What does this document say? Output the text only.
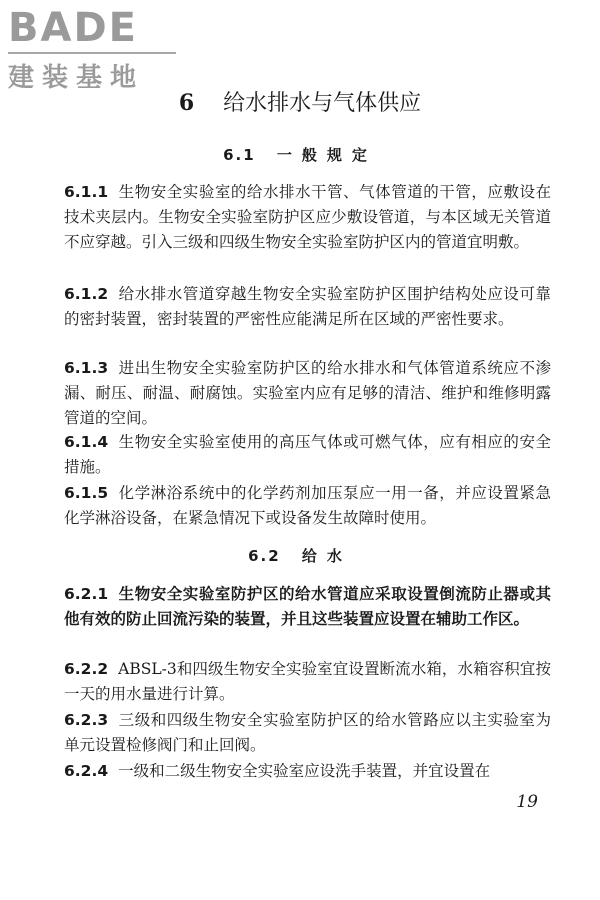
BADE
建装基地
6 给水排水与气体供应
6.1 一般规定
6.1.1 生物安全实验室的给水排水干管、气体管道的干管，应敷设在技术夹层内。生物安全实验室防护区应少敷设管道，与本区域无关管道不应穿越。引入三级和四级生物安全实验室防护区内的管道宜明敷。
6.1.2 给水排水管道穿越生物安全实验室防护区围护结构处应设可靠的密封装置，密封装置的严密性应能满足所在区域的严密性要求。
6.1.3 进出生物安全实验室防护区的给水排水和气体管道系统应不渗漏、耐压、耐温、耐腐蚀。实验室内应有足够的清洁、维护和维修明露管道的空间。
6.1.4 生物安全实验室使用的高压气体或可燃气体，应有相应的安全措施。
6.1.5 化学淋浴系统中的化学药剂加压泵应一用一备，并应设置紧急化学淋浴设备，在紧急情况下或设备发生故障时使用。
6.2 给水
6.2.1 生物安全实验室防护区的给水管道应采取设置倒流防止器或其他有效的防止回流污染的装置，并且这些装置应设置在辅助工作区。
6.2.2 ABSL-3和四级生物安全实验室宜设置断流水箱，水箱容积宜按一天的用水量进行计算。
6.2.3 三级和四级生物安全实验室防护区的给水管路应以主实验室为单元设置检修阀门和止回阀。
6.2.4 一级和二级生物安全实验室应设洗手装置，并宜设置在
19
